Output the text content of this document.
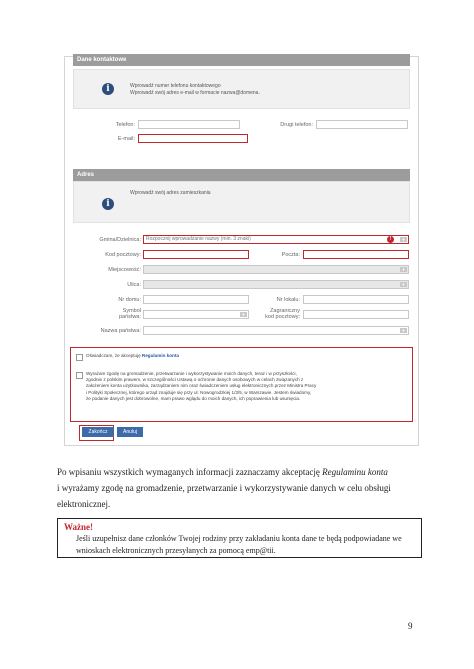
Dane kontaktowe
i	Wprowadź numer telefonu kontaktowego
Wprowadź swój adres e-mail w formacie nazwa@domena.
Telefon:	Drugi telefon:
E-mail:
Adres
i
Wprowadź swój adres zamieszkania
Gmina/Dzielnica:	Rozpocznij wprowadzanie nazwy (min. 3 znaki)	▼
!
Kod pocztowy:	Poczta:
Miejscowość:	▼
Ulica:	▼
Nr domu:	Nr lokalu:
Symbol
państwa:	▼
Zagraniczny
kod pocztowy:
Nazwa państwa:	▼
Oświadczam, że akceptuję Regulamin konta
Wyrażam zgodę na gromadzenie, przetwarzanie i wykorzystywanie moich danych, teraz i w przyszłości,
zgodnie z polskim prawem, w szczególności Ustawą o ochronie danych osobowych w celach związanych z
założeniem konta użytkownika, zarządzaniem nim oraz świadczeniem usług elektronicznych przez Ministra Pracy
i Polityki Społecznej, którego urząd znajduje się przy ul. Nowogrodzkiej 1/3/5, w Warszawie. Jestem świadomy,
że podanie danych jest dobrowolne, mam prawo wglądu do moich danych, ich poprawienia lub usunięcia.
Zakończ	Anuluj
Po wpisaniu wszystkich wymaganych informacji zaznaczamy akceptację Regulaminu konta
i wyrażamy zgodę na gromadzenie, przetwarzanie i wykorzystywanie danych w celu obsługi
elektronicznej.
Ważne!
Jeśli uzupełnisz dane członków Twojej rodziny przy zakładaniu konta dane te będą podpowiadane we wnioskach elektronicznych przesyłanych za pomocą emp@tii.
9
